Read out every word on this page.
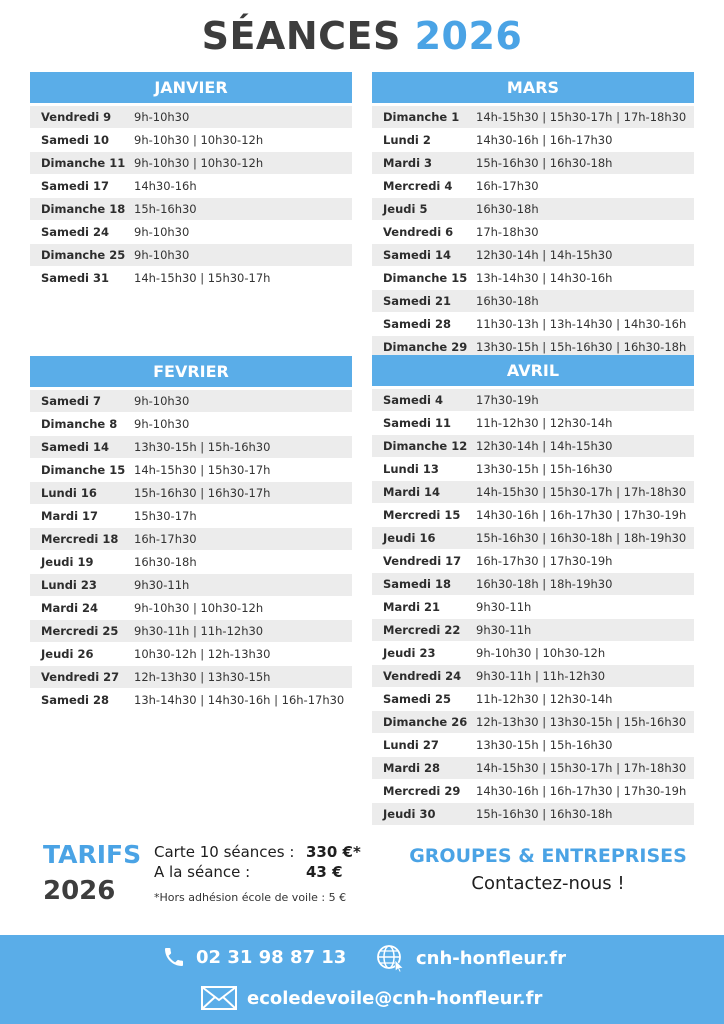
SÉANCES 2026
JANVIER
Vendredi 9	9h-10h30
Samedi 10	9h-10h30 | 10h30-12h
Dimanche 11 9h-10h30 | 10h30-12h
Samedi 17	14h30-16h
Dimanche 18 15h-16h30
Samedi 24	9h-10h30
Dimanche 25 9h-10h30
Samedi 31	14h-15h30 | 15h30-17h
FEVRIER
Samedi 7	9h-10h30
Dimanche 8	9h-10h30
Samedi 14	13h30-15h | 15h-16h30
Dimanche 15 14h-15h30 | 15h30-17h
Lundi 16	15h-16h30 | 16h30-17h
Mardi 17	15h30-17h
Mercredi 18	16h-17h30
Jeudi 19	16h30-18h
Lundi 23	9h30-11h
Mardi 24	9h-10h30 | 10h30-12h
Mercredi 25	9h30-11h | 11h-12h30
Jeudi 26	10h30-12h | 12h-13h30
Vendredi 27	12h-13h30 | 13h30-15h
Samedi 28	13h-14h30 | 14h30-16h | 16h-17h30
MARS
Dimanche 1	14h-15h30 | 15h30-17h | 17h-18h30
Lundi 2	14h30-16h | 16h-17h30
Mardi 3	15h-16h30 | 16h30-18h
Mercredi 4	16h-17h30
Jeudi 5	16h30-18h
Vendredi 6	17h-18h30
Samedi 14	12h30-14h | 14h-15h30
Dimanche 15 13h-14h30 | 14h30-16h
Samedi 21	16h30-18h
Samedi 28	11h30-13h | 13h-14h30 | 14h30-16h
Dimanche 29 13h30-15h | 15h-16h30 | 16h30-18h
AVRIL
Samedi 4	17h30-19h
Samedi 11	11h-12h30 | 12h30-14h
Dimanche 12 12h30-14h | 14h-15h30
Lundi 13	13h30-15h | 15h-16h30
Mardi 14	14h-15h30 | 15h30-17h | 17h-18h30
Mercredi 15	14h30-16h | 16h-17h30 | 17h30-19h
Jeudi 16	15h-16h30 | 16h30-18h | 18h-19h30
Vendredi 17	16h-17h30 | 17h30-19h
Samedi 18	16h30-18h | 18h-19h30
Mardi 21	9h30-11h
Mercredi 22	9h30-11h
Jeudi 23	9h-10h30 | 10h30-12h
Vendredi 24	9h30-11h | 11h-12h30
Samedi 25	11h-12h30 | 12h30-14h
Dimanche 26 12h-13h30 | 13h30-15h | 15h-16h30
Lundi 27	13h30-15h | 15h-16h30
Mardi 28	14h-15h30 | 15h30-17h | 17h-18h30
Mercredi 29	14h30-16h | 16h-17h30 | 17h30-19h
Jeudi 30	15h-16h30 | 16h30-18h
TARIFS
2026
Carte 10 séances : 330 €*
A la séance :	43 €
*Hors adhésion école de voile : 5 €
GROUPES & ENTREPRISES
Contactez-nous !
02 31 98 87 13	cnh-honfleur.fr
ecoledevoile@cnh-honfleur.fr
